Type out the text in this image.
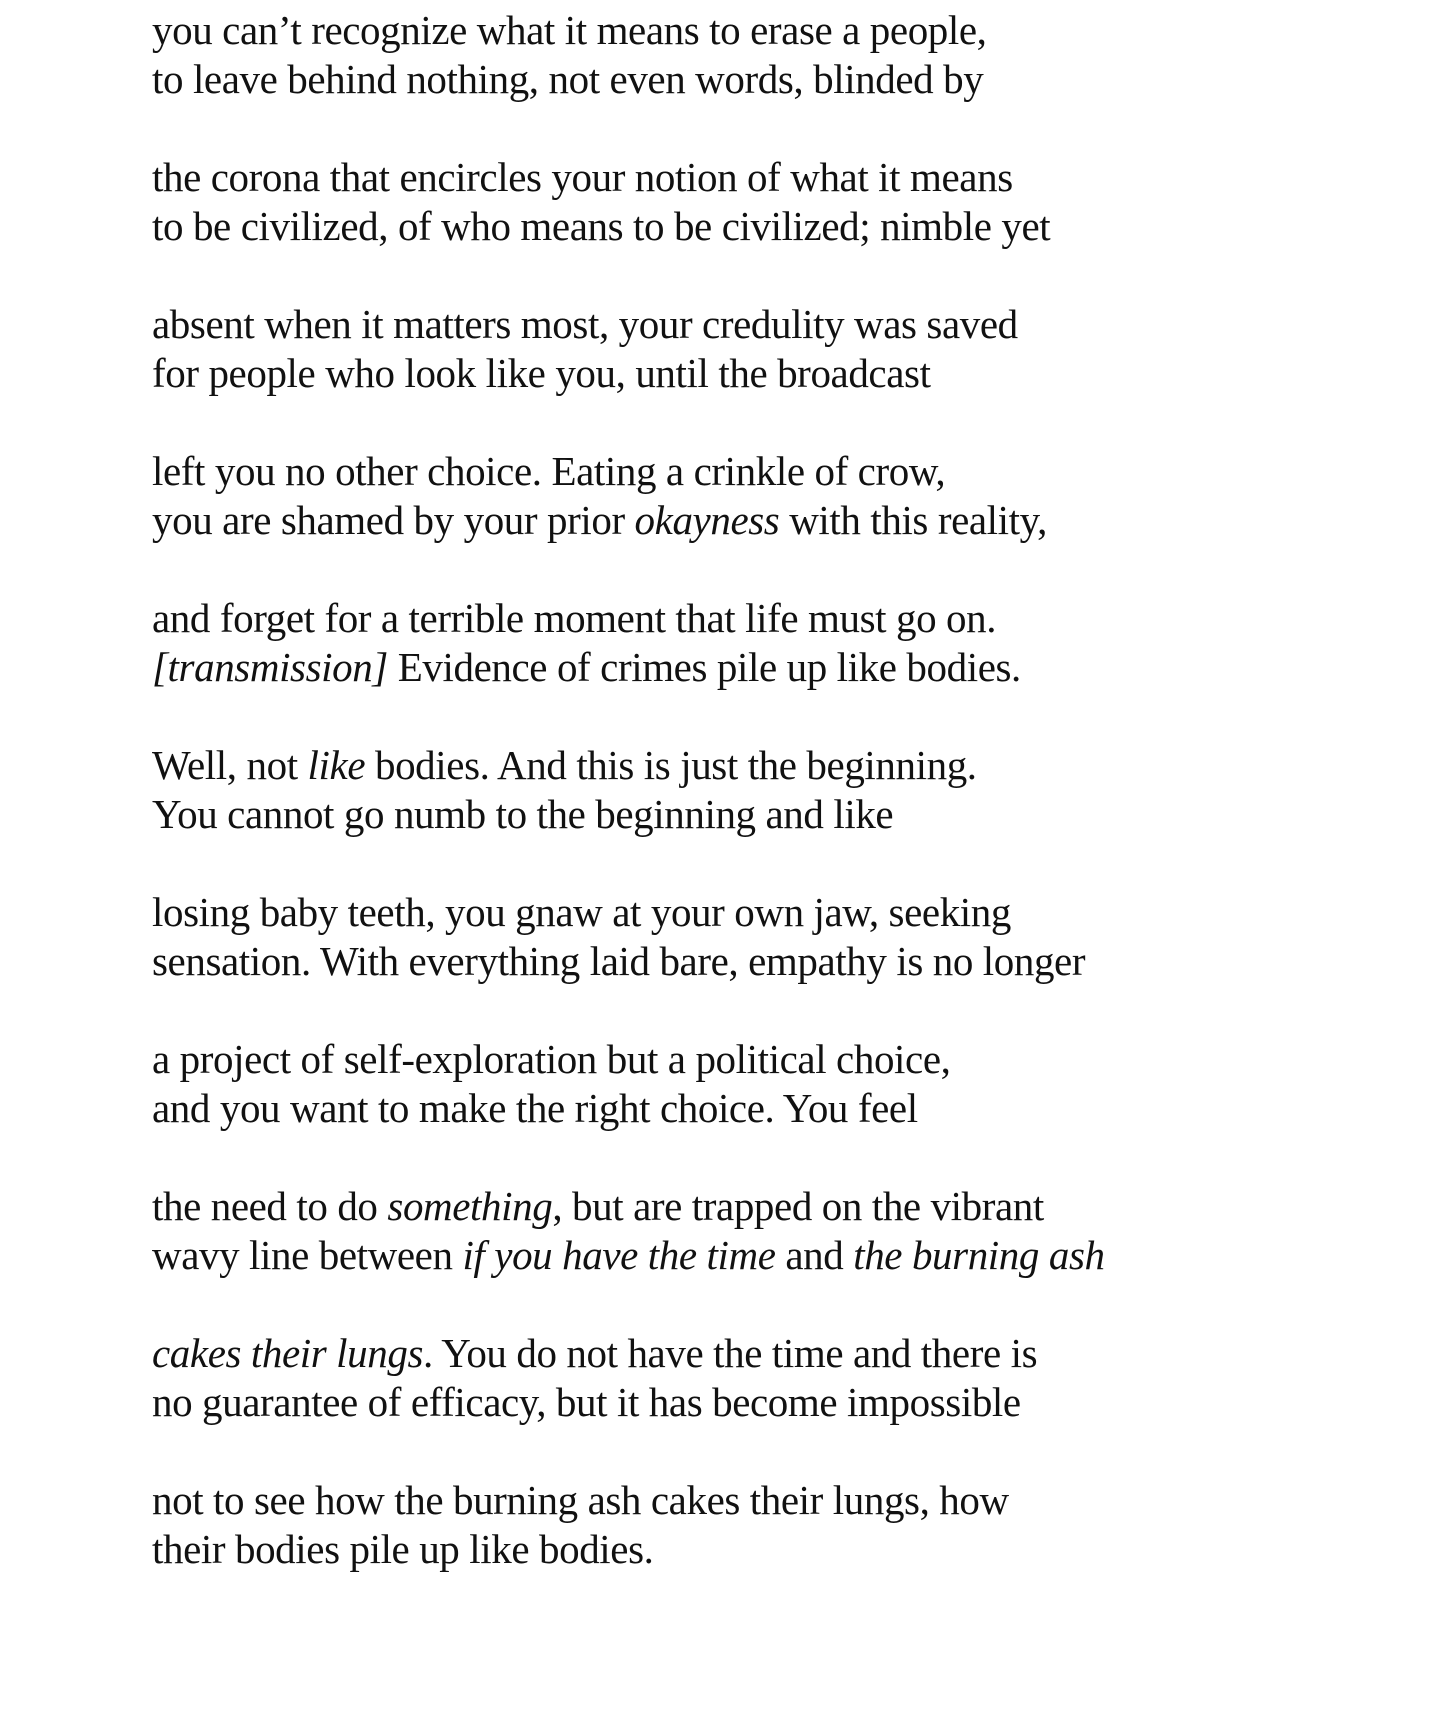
you can’t recognize what it means to erase a people,
to leave behind nothing, not even words, blinded by
the corona that encircles your notion of what it means
to be civilized, of who means to be civilized; nimble yet
absent when it matters most, your credulity was saved
for people who look like you, until the broadcast
left you no other choice. Eating a crinkle of crow,
you are shamed by your prior okayness with this reality,
and forget for a terrible moment that life must go on.
[transmission] Evidence of crimes pile up like bodies.
Well, not like bodies. And this is just the beginning.
You cannot go numb to the beginning and like
losing baby teeth, you gnaw at your own jaw, seeking
sensation. With everything laid bare, empathy is no longer
a project of self-exploration but a political choice,
and you want to make the right choice. You feel
the need to do something, but are trapped on the vibrant
wavy line between if you have the time and the burning ash
cakes their lungs. You do not have the time and there is
no guarantee of efficacy, but it has become impossible
not to see how the burning ash cakes their lungs, how
their bodies pile up like bodies.
